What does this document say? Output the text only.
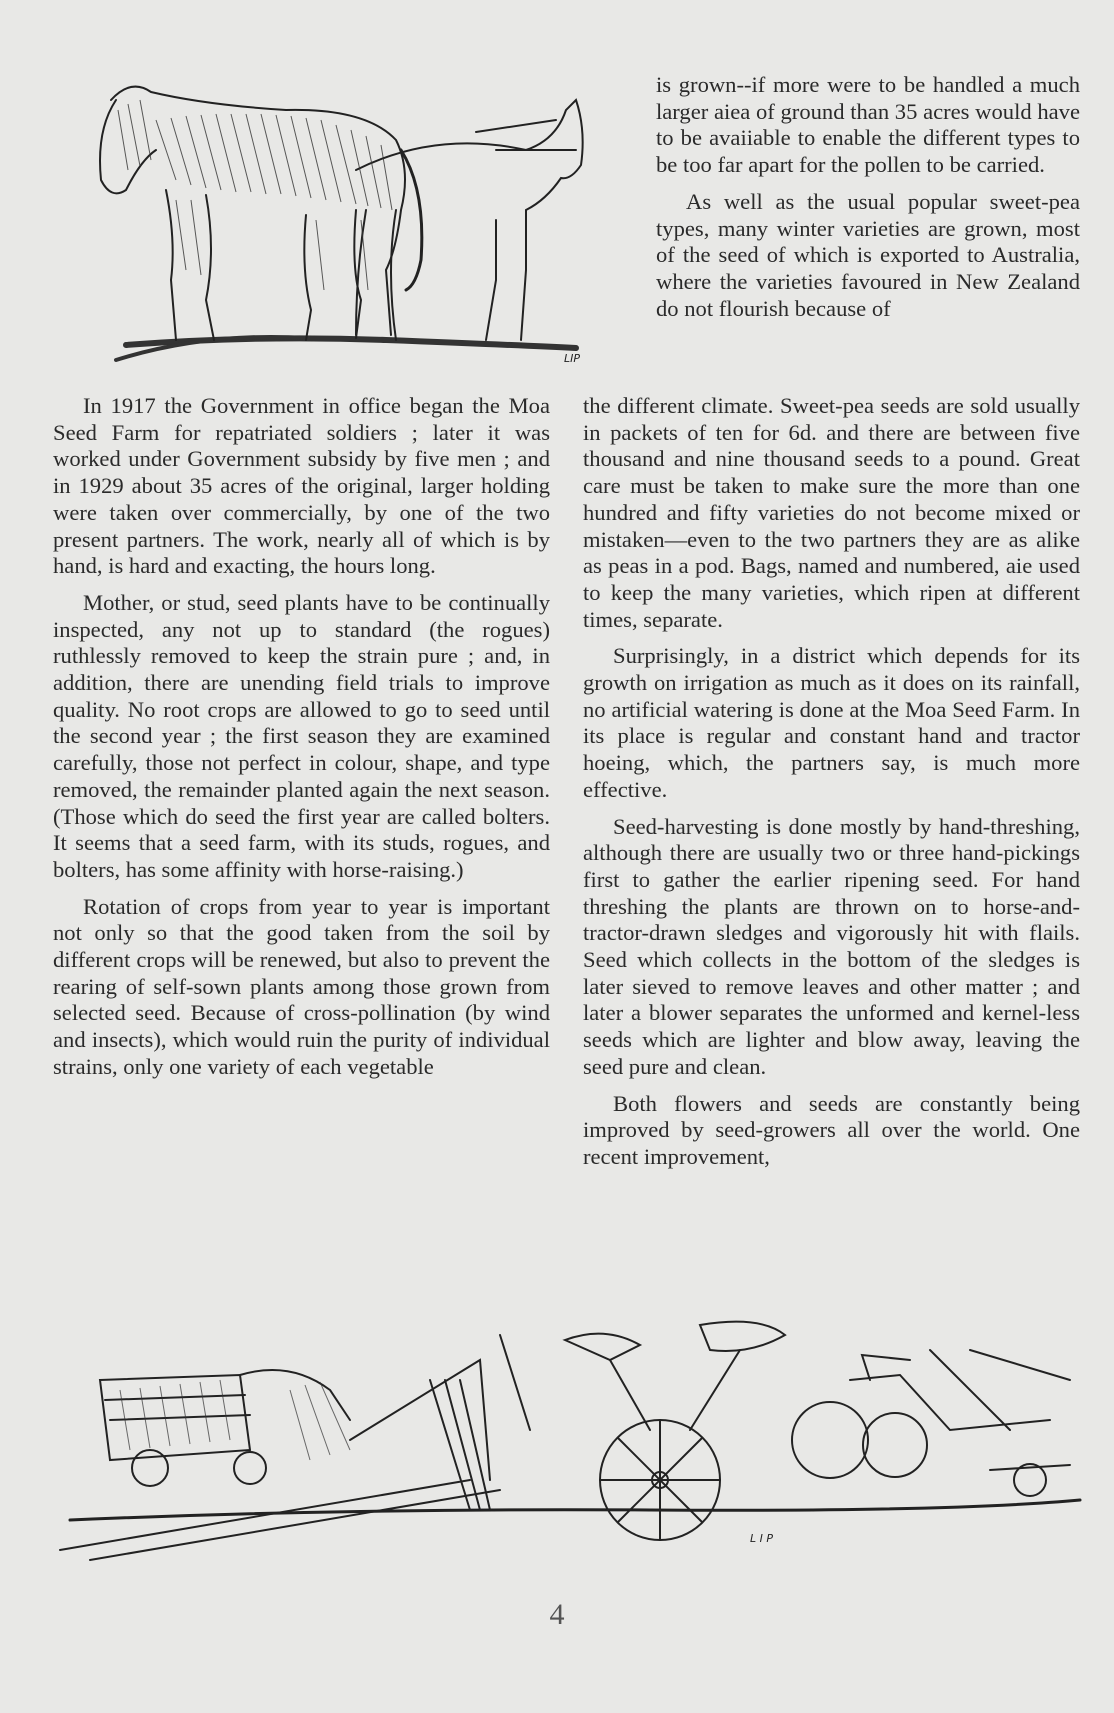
LIP

is grown--if more were to be handled a much larger aiea of ground than 35 acres would have to be avaiiable to enable the different types to be too far apart for the pollen to be carried.

As well as the usual popular sweet-pea types, many winter varieties are grown, most of the seed of which is exported to Australia, where the varieties favoured in New Zealand do not flourish because of

In 1917 the Government in office began the Moa Seed Farm for repatriated soldiers ; later it was worked under Government subsidy by five men ; and in 1929 about 35 acres of the original, larger holding were taken over commercially, by one of the two present partners. The work, nearly all of which is by hand, is hard and exacting, the hours long.

Mother, or stud, seed plants have to be continually inspected, any not up to standard (the rogues) ruthlessly removed to keep the strain pure ; and, in addition, there are unending field trials to improve quality. No root crops are allowed to go to seed until the second year ; the first season they are examined carefully, those not perfect in colour, shape, and type removed, the remainder planted again the next season. (Those which do seed the first year are called bolters. It seems that a seed farm, with its studs, rogues, and bolters, has some affinity with horse-raising.)

Rotation of crops from year to year is important not only so that the good taken from the soil by different crops will be renewed, but also to prevent the rearing of self-sown plants among those grown from selected seed. Because of cross-pollination (by wind and insects), which would ruin the purity of individual strains, only one variety of each vegetable

the different climate. Sweet-pea seeds are sold usually in packets of ten for 6d. and there are between five thousand and nine thousand seeds to a pound. Great care must be taken to make sure the more than one hundred and fifty varieties do not become mixed or mistaken—even to the two partners they are as alike as peas in a pod. Bags, named and numbered, aie used to keep the many varieties, which ripen at different times, separate.

Surprisingly, in a district which depends for its growth on irrigation as much as it does on its rainfall, no artificial watering is done at the Moa Seed Farm. In its place is regular and constant hand and tractor hoeing, which, the partners say, is much more effective.

Seed-harvesting is done mostly by hand-threshing, although there are usually two or three hand-pickings first to gather the earlier ripening seed. For hand threshing the plants are thrown on to horse-and-tractor-drawn sledges and vigorously hit with flails. Seed which collects in the bottom of the sledges is later sieved to remove leaves and other matter ; and later a blower separates the unformed and kernel-less seeds which are lighter and blow away, leaving the seed pure and clean.

Both flowers and seeds are constantly being improved by seed-growers all over the world. One recent improvement,

L I P
4
